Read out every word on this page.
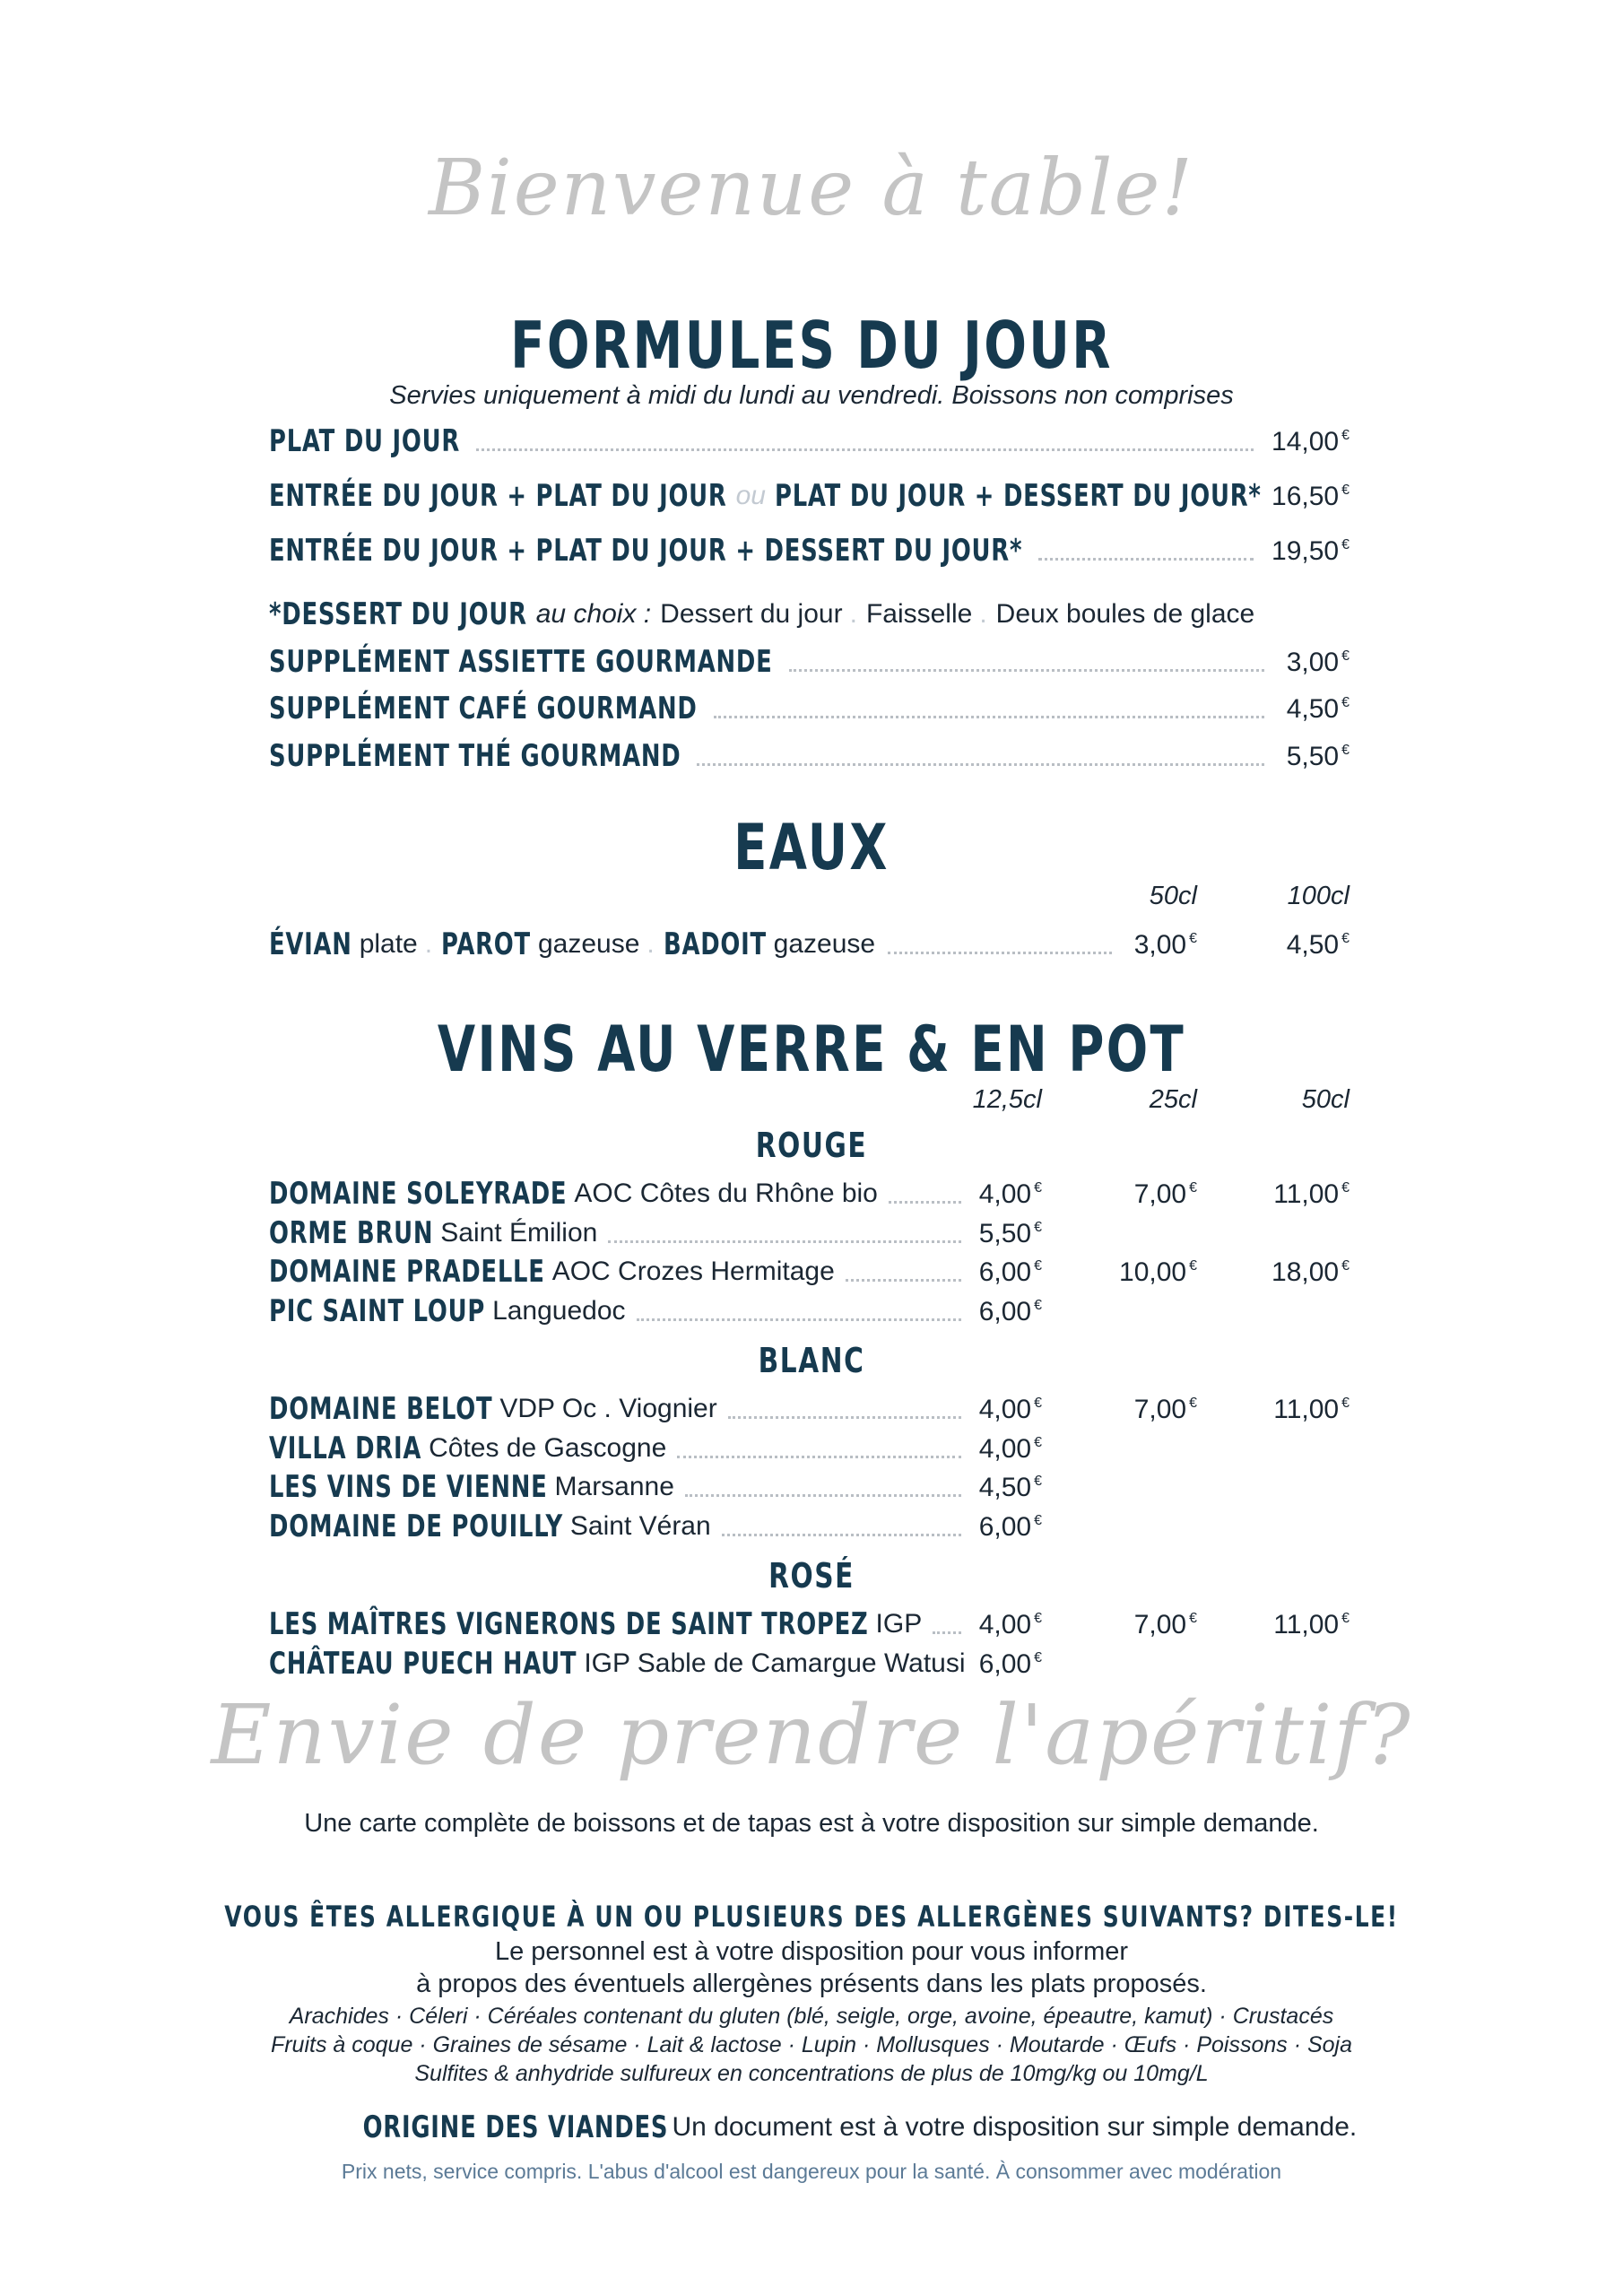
Bienvenue à table!
FORMULES DU JOUR
Servies uniquement à midi du lundi au vendredi. Boissons non comprises
PLAT DU JOUR	14,00 €
ENTRÉE DU JOUR + PLAT DU JOUR ou PLAT DU JOUR + DESSERT DU JOUR* 16,50 €
ENTRÉE DU JOUR + PLAT DU JOUR + DESSERT DU JOUR*	19,50 €
*DESSERT DU JOUR au choix : Dessert du jour . Faisselle . Deux boules de glace
SUPPLÉMENT ASSIETTE GOURMANDE	3,00 €
SUPPLÉMENT CAFÉ GOURMAND	4,50 €
SUPPLÉMENT THÉ GOURMAND	5,50 €
EAUX
50cl	100cl
ÉVIAN plate . PAROT gazeuse . BADOIT gazeuse	3,00 €	4,50 €
VINS AU VERRE & EN POT
12,5cl	25cl	50cl
ROUGE
DOMAINE SOLEYRADE AOC Côtes du Rhône bio	4,00 €	7,00 €	11,00 €
ORME BRUN Saint Émilion	5,50 €
DOMAINE PRADELLE AOC Crozes Hermitage	6,00 €	10,00 €	18,00 €
PIC SAINT LOUP Languedoc	6,00 €
BLANC
DOMAINE BELOT VDP Oc . Viognier	4,00 €	7,00 €	11,00 €
VILLA DRIA Côtes de Gascogne	4,00 €
LES VINS DE VIENNE Marsanne	4,50 €
DOMAINE DE POUILLY Saint Véran	6,00 €
ROSÉ
LES MAÎTRES VIGNERONS DE SAINT TROPEZ IGP 4,00 €	7,00 €	11,00 €
CHÂTEAU PUECH HAUT IGP Sable de Camargue Watusi 6,00 €
Envie de prendre l'apéritif?
Une carte complète de boissons et de tapas est à votre disposition sur simple demande.
VOUS ÊTES ALLERGIQUE À UN OU PLUSIEURS DES ALLERGÈNES SUIVANTS? DITES-LE!
Le personnel est à votre disposition pour vous informer
à propos des éventuels allergènes présents dans les plats proposés.
Arachides · Céleri · Céréales contenant du gluten (blé, seigle, orge, avoine, épeautre, kamut) · Crustacés
Fruits à coque · Graines de sésame · Lait & lactose · Lupin · Mollusques · Moutarde · Œufs · Poissons · Soja
Sulfites & anhydride sulfureux en concentrations de plus de 10mg/kg ou 10mg/L
ORIGINE DES VIANDES Un document est à votre disposition sur simple demande.
Prix nets, service compris. L'abus d'alcool est dangereux pour la santé. À consommer avec modération
